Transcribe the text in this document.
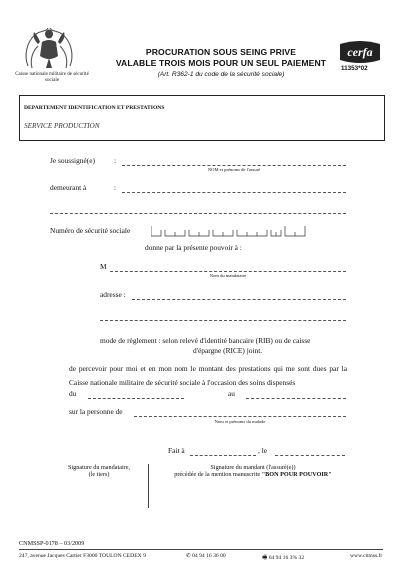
Caisse nationale militaire de sécurité sociale
PROCURATION SOUS SEING PRIVE
VALABLE TROIS MOIS POUR UN SEUL PAIEMENT
(Art. R362-1 du code de la sécurité sociale)
cerfa
11353*02
DEPARTEMENT IDENTIFICATION ET PRESTATIONS
SERVICE PRODUCTION
Je soussigné(e)	:
NOM et prénoms de l'assuré
demeurant à	:
Numéro de sécurité sociale
donne par la présente pouvoir à :
M
Nom du mandataire
adresse :
mode de règlement : selon relevé d'identité bancaire (RIB) ou de caisse
d'épargne (RICE) joint.
de percevoir pour moi et en mon nom le montant des prestations qui me sont dues par la Caisse nationale militaire de sécurité sociale à l'occasion des soins dispensés
du	au
sur la personne de
Nom et prénoms du malade
Fait à	, le
Signature du mandataire,
(le tiers)
Signature du mandant (l'assuré(e))
précédée de la mention manuscrite "BON POUR POUVOIR"
CNMSSP-0178 – 03/2009
247, avenue Jacques Cartier F3000 TOULON CEDEX 9	✆ 04 94 16 36 00	🖷 04 94 16 3% 32	www.cnmss.fr
